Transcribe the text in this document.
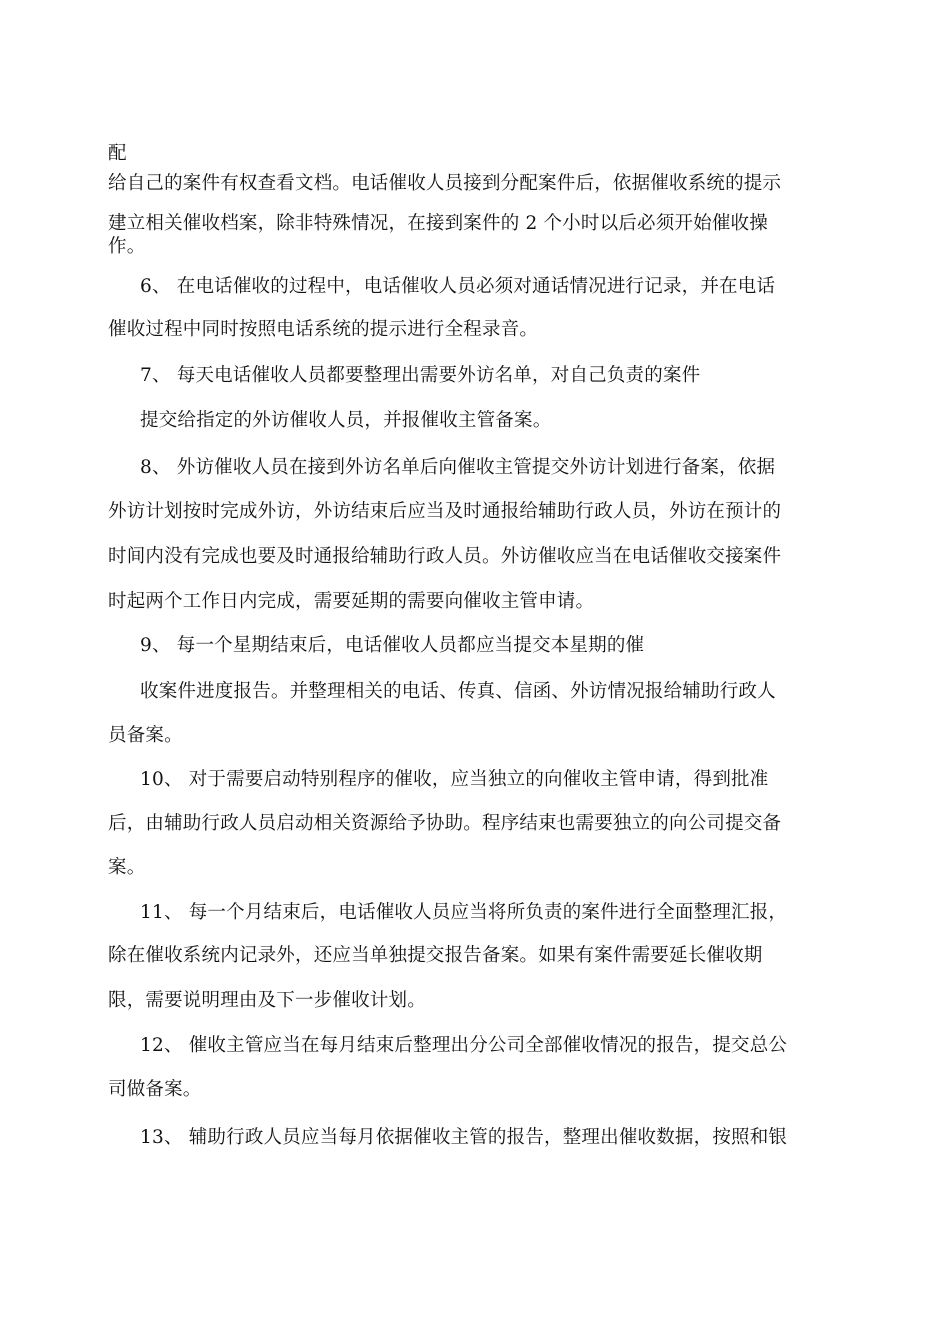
配
给自己的案件有权查看文档。电话催收人员接到分配案件后，依据催收系统的提示
建立相关催收档案，除非特殊情况，在接到案件的 2 个小时以后必须开始催收操
作。
6、 在电话催收的过程中，电话催收人员必须对通话情况进行记录，并在电话
催收过程中同时按照电话系统的提示进行全程录音。
7、 每天电话催收人员都要整理出需要外访名单，对自己负责的案件
提交给指定的外访催收人员，并报催收主管备案。
8、 外访催收人员在接到外访名单后向催收主管提交外访计划进行备案，依据
外访计划按时完成外访，外访结束后应当及时通报给辅助行政人员，外访在预计的
时间内没有完成也要及时通报给辅助行政人员。外访催收应当在电话催收交接案件
时起两个工作日内完成，需要延期的需要向催收主管申请。
9、 每一个星期结束后，电话催收人员都应当提交本星期的催
收案件进度报告。并整理相关的电话、传真、信函、外访情况报给辅助行政人
员备案。
10、 对于需要启动特别程序的催收，应当独立的向催收主管申请，得到批准
后，由辅助行政人员启动相关资源给予协助。程序结束也需要独立的向公司提交备
案。
11、 每一个月结束后，电话催收人员应当将所负责的案件进行全面整理汇报，
除在催收系统内记录外，还应当单独提交报告备案。如果有案件需要延长催收期
限，需要说明理由及下一步催收计划。
12、 催收主管应当在每月结束后整理出分公司全部催收情况的报告，提交总公
司做备案。
13、 辅助行政人员应当每月依据催收主管的报告，整理出催收数据，按照和银
